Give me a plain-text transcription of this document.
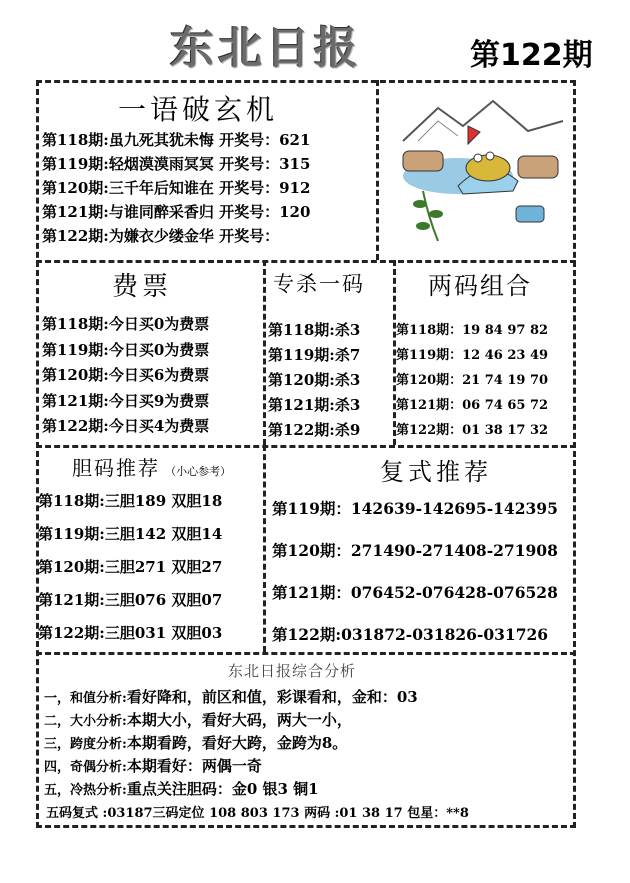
东北日报	第122期
一语破玄机
第118期:虽九死其犹未悔 开奖号：621
第119期:轻烟漠漠雨冥冥 开奖号：315
第120期:三千年后知谁在 开奖号：912
第121期:与谁同醉采香归 开奖号：120
第122期:为嫌衣少缕金华 开奖号：
费票
第118期:今日买0为费票
第119期:今日买0为费票
第120期:今日买6为费票
第121期:今日买9为费票
第122期:今日买4为费票
专杀一码
第118期:杀3
第119期:杀7
第120期:杀3
第121期:杀3
第122期:杀9
两码组合
第118期：19 84 97 82
第119期：12 46 23 49
第120期：21 74 19 70
第121期：06 74 65 72
第122期：01 38 17 32
胆码推荐 （小心参考）
第118期:三胆189 双胆18
第119期:三胆142 双胆14
第120期:三胆271 双胆27
第121期:三胆076 双胆07
第122期:三胆031 双胆03
复式推荐
第119期：142639-142695-142395
第120期：271490-271408-271908
第121期：076452-076428-076528
第122期:031872-031826-031726
东北日报综合分析
一，和值分析:看好降和，前区和值，彩课看和，金和：03
二，大小分析:本期大小，看好大码，两大一小，
三，跨度分析:本期看跨，看好大跨，金跨为8。
四，奇偶分析:本期看好：两偶一奇
五，冷热分析:重点关注胆码：金0 银3 铜1
五码复式 :03187三码定位 108 803 173 两码 :01 38 17 包星：**8
